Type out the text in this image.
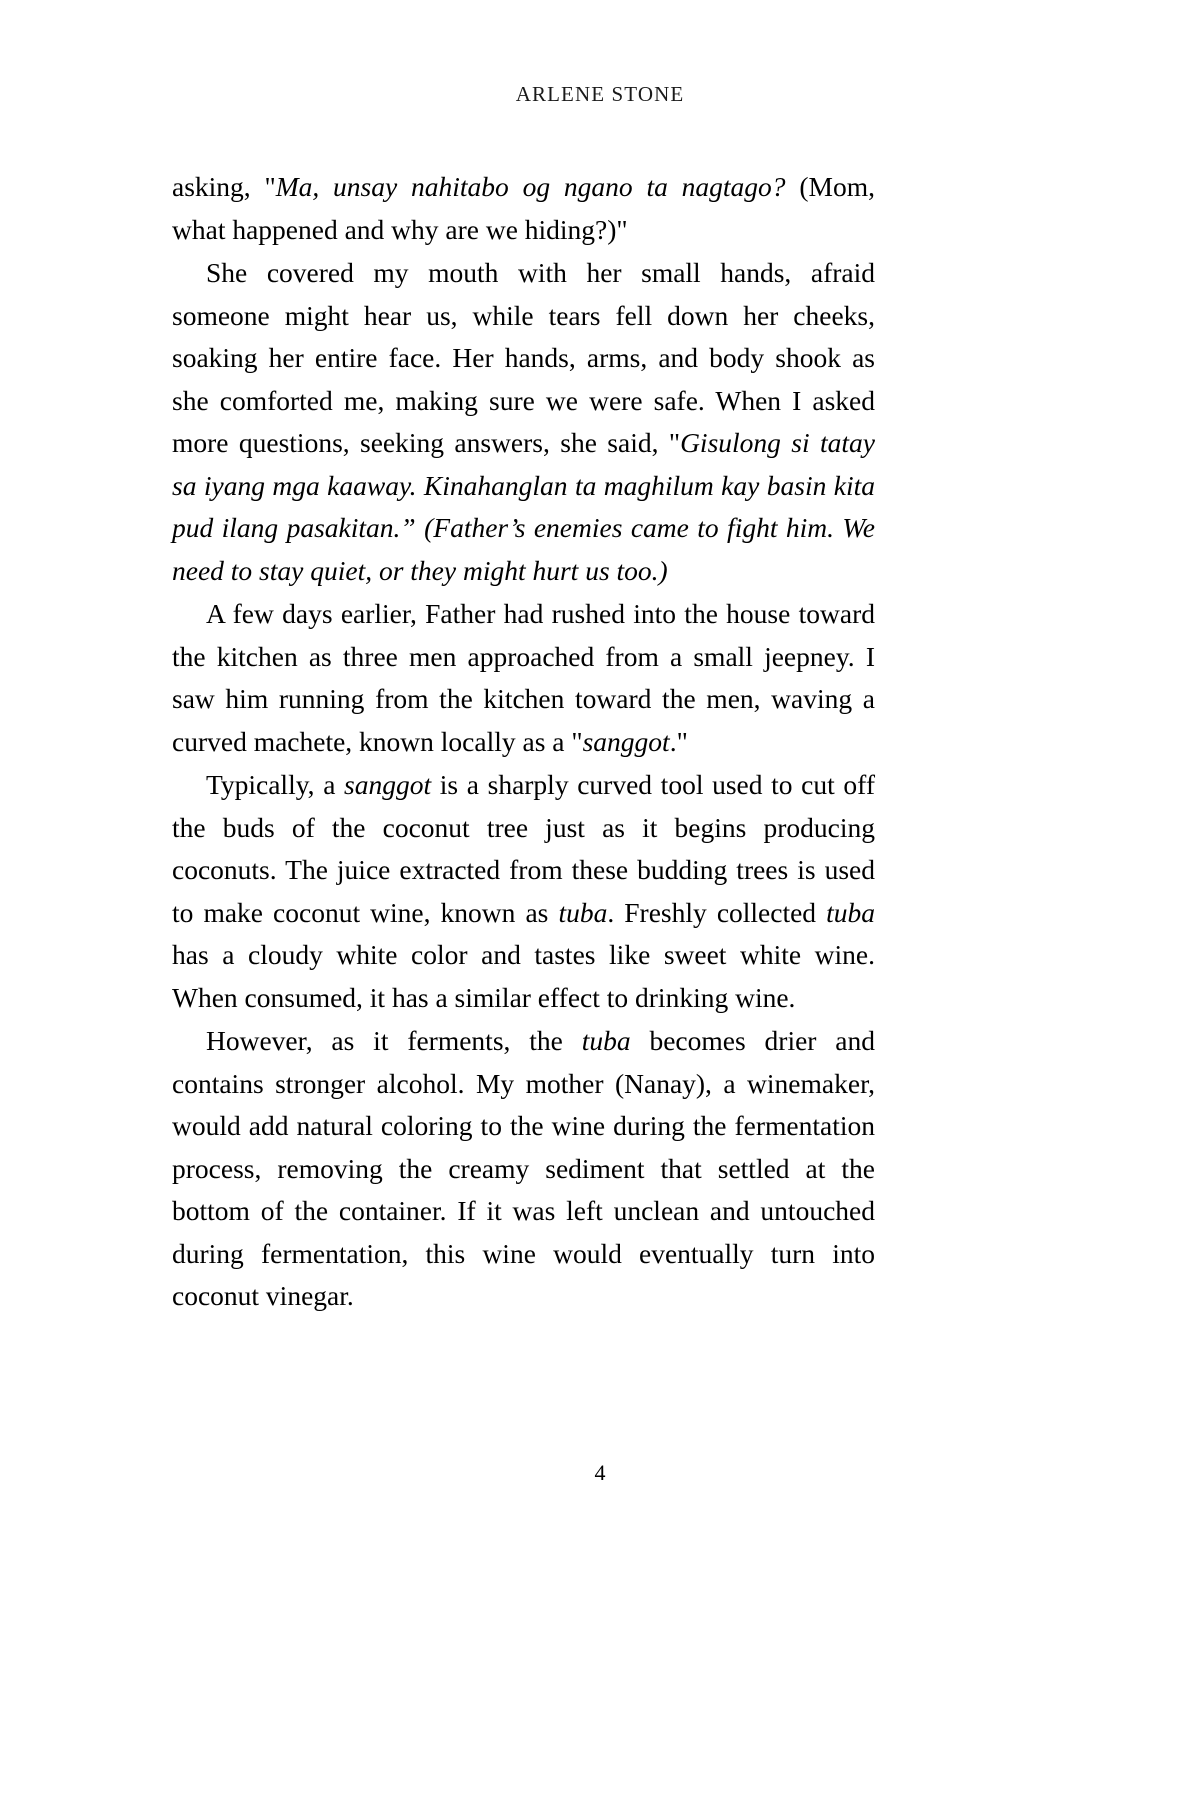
ARLENE STONE

asking, "Ma, unsay nahitabo og ngano ta nagtago? (Mom, what happened and why are we hiding?)"

She covered my mouth with her small hands, afraid someone might hear us, while tears fell down her cheeks, soaking her entire face. Her hands, arms, and body shook as she comforted me, making sure we were safe. When I asked more questions, seeking answers, she said, "Gisulong si tatay sa iyang mga kaaway. Kinahanglan ta maghilum kay basin kita pud ilang pasakitan.” (Father’s enemies came to fight him. We need to stay quiet, or they might hurt us too.)

A few days earlier, Father had rushed into the house toward the kitchen as three men approached from a small jeepney. I saw him running from the kitchen toward the men, waving a curved machete, known locally as a "sanggot."

Typically, a sanggot is a sharply curved tool used to cut off the buds of the coconut tree just as it begins producing coconuts. The juice extracted from these budding trees is used to make coconut wine, known as tuba. Freshly collected tuba has a cloudy white color and tastes like sweet white wine. When consumed, it has a similar effect to drinking wine.

However, as it ferments, the tuba becomes drier and contains stronger alcohol. My mother (Nanay), a winemaker, would add natural coloring to the wine during the fermentation process, removing the creamy sediment that settled at the bottom of the container. If it was left unclean and untouched during fermentation, this wine would eventually turn into coconut vinegar.

4
